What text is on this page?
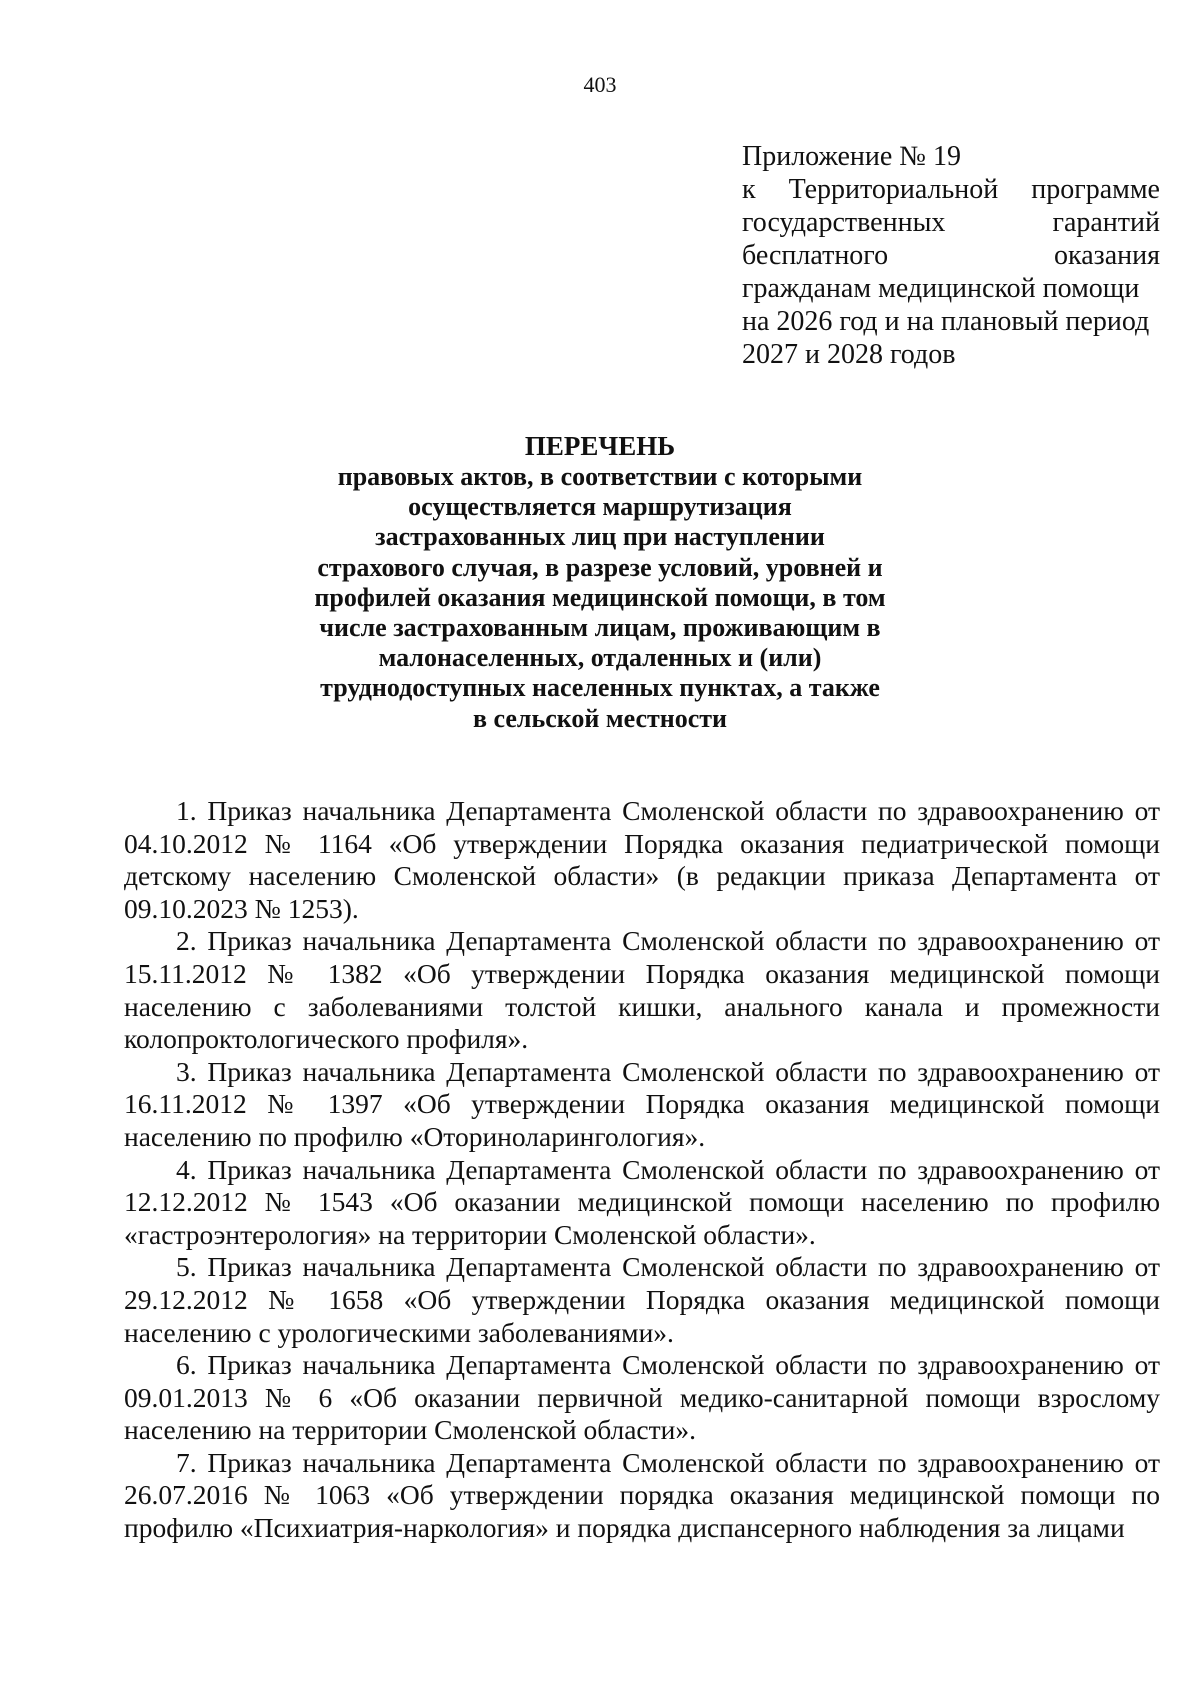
403
Приложение № 19
к Территориальной программе
государственных гарантий
бесплатного оказания
гражданам медицинской помощи
на 2026 год и на плановый период
2027 и 2028 годов
ПЕРЕЧЕНЬ
правовых актов, в соответствии с которыми
осуществляется маршрутизация
застрахованных лиц при наступлении
страхового случая, в разрезе условий, уровней и
профилей оказания медицинской помощи, в том
числе застрахованным лицам, проживающим в
малонаселенных, отдаленных и (или)
труднодоступных населенных пунктах, а также
в сельской местности

1. Приказ начальника Департамента Смоленской области по здравоохранению от 04.10.2012 № 1164 «Об утверждении Порядка оказания педиатрической помощи детскому населению Смоленской области» (в редакции приказа Департамента от 09.10.2023 № 1253).

2. Приказ начальника Департамента Смоленской области по здравоохранению от 15.11.2012 № 1382 «Об утверждении Порядка оказания медицинской помощи населению с заболеваниями толстой кишки, анального канала и промежности колопроктологического профиля».

3. Приказ начальника Департамента Смоленской области по здравоохранению от 16.11.2012 № 1397 «Об утверждении Порядка оказания медицинской помощи населению по профилю «Оториноларингология».

4. Приказ начальника Департамента Смоленской области по здравоохранению от 12.12.2012 № 1543 «Об оказании медицинской помощи населению по профилю «гастроэнтерология» на территории Смоленской области».

5. Приказ начальника Департамента Смоленской области по здравоохранению от 29.12.2012 № 1658 «Об утверждении Порядка оказания медицинской помощи населению с урологическими заболеваниями».

6. Приказ начальника Департамента Смоленской области по здравоохранению от 09.01.2013 № 6 «Об оказании первичной медико-санитарной помощи взрослому населению на территории Смоленской области».

7. Приказ начальника Департамента Смоленской области по здравоохранению от 26.07.2016 № 1063 «Об утверждении порядка оказания медицинской помощи по профилю «Психиатрия-наркология» и порядка диспансерного наблюдения за лицами
